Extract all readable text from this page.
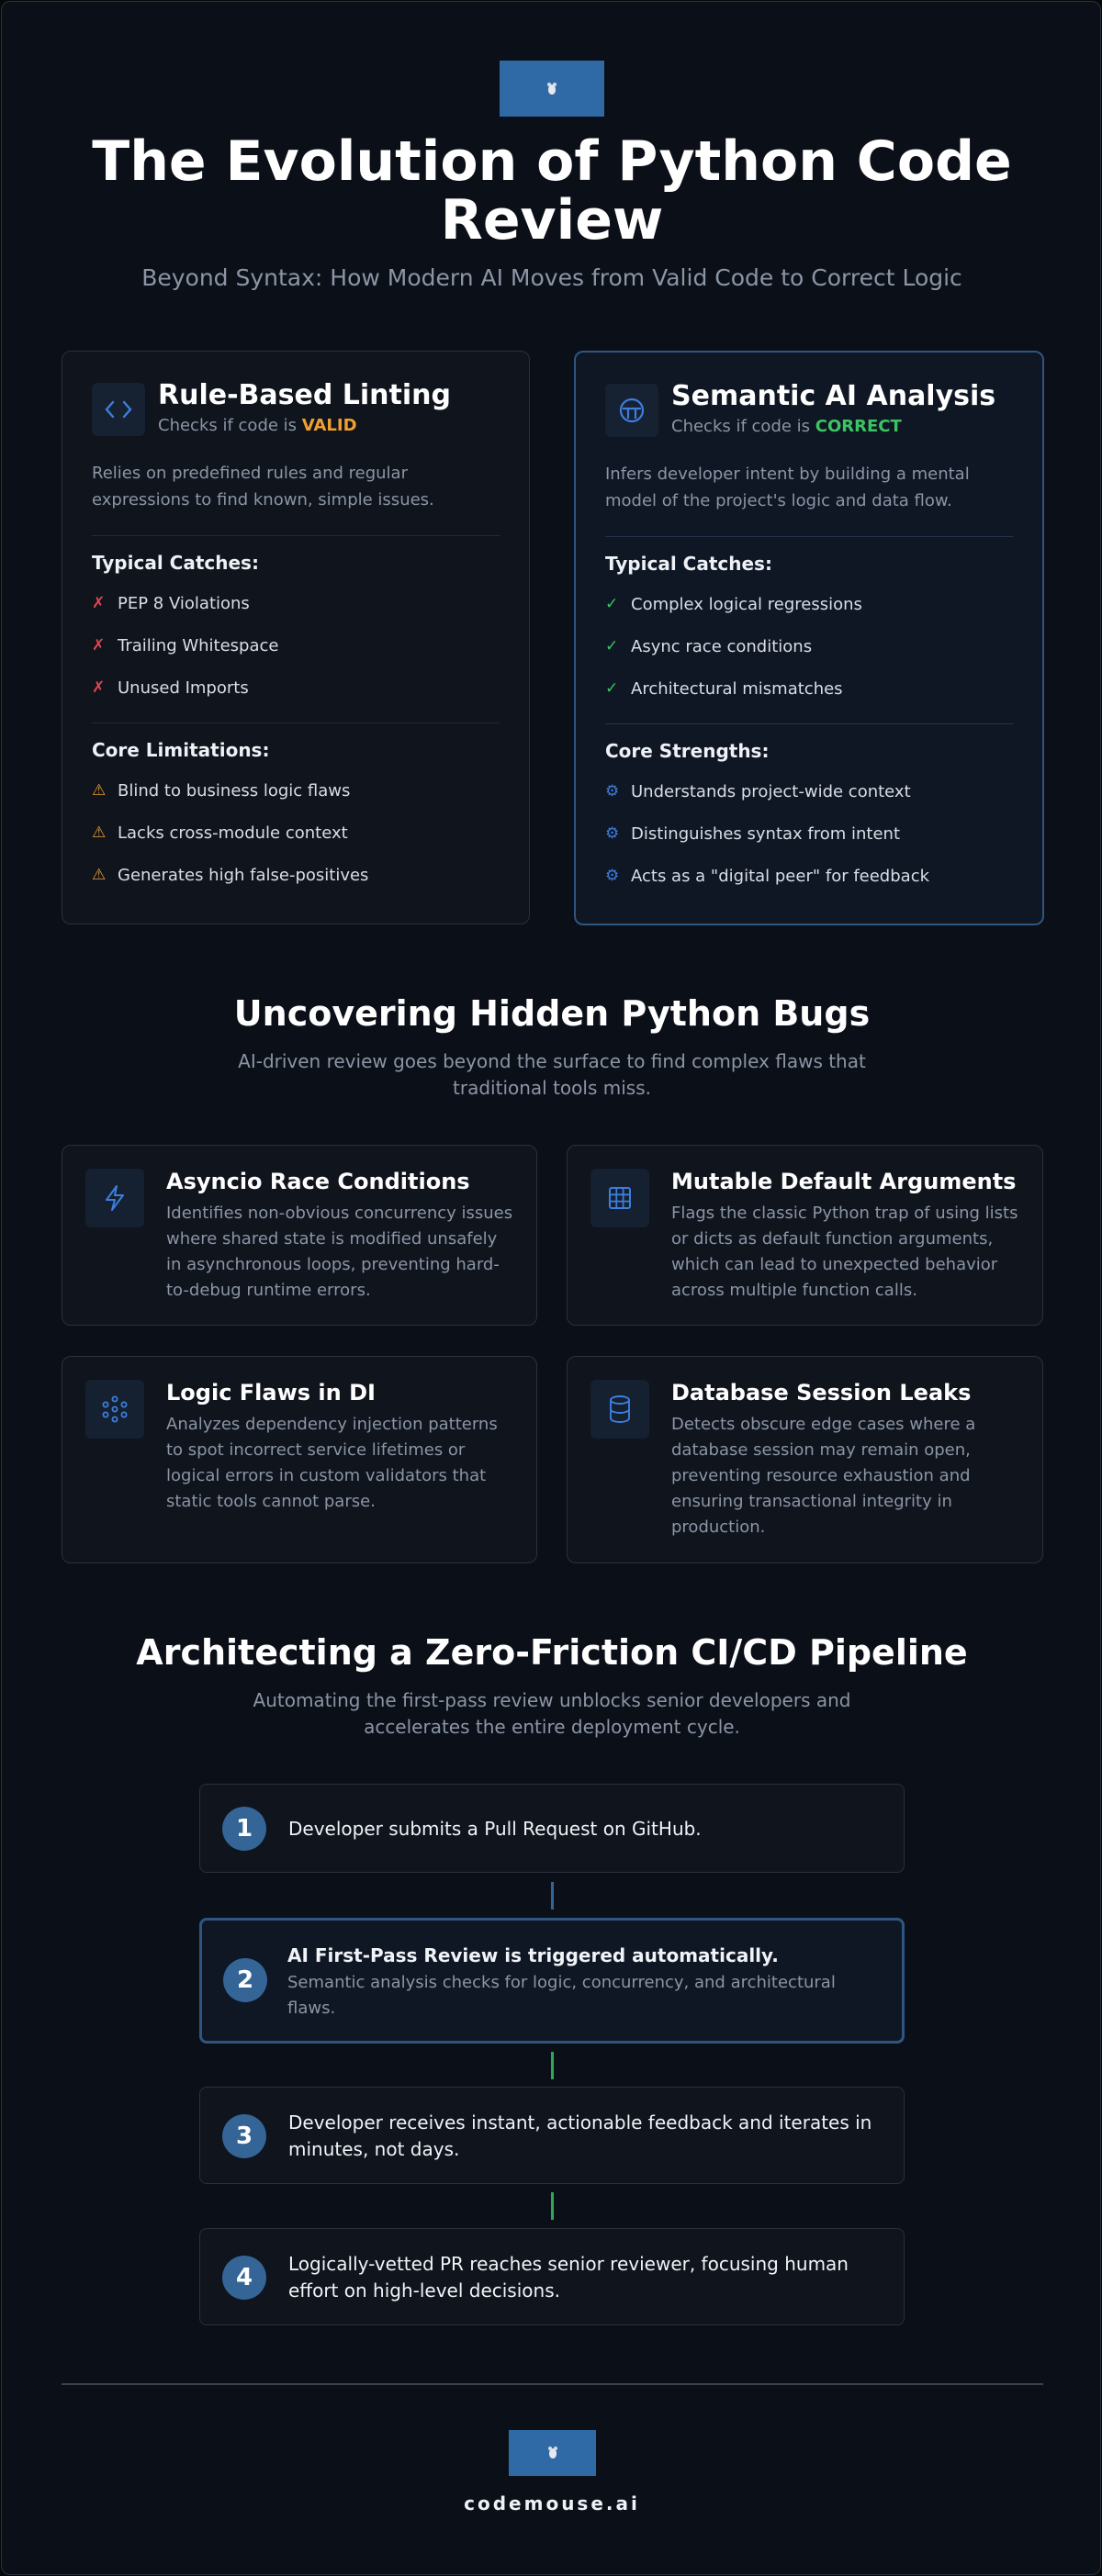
The Evolution of Python Code
Review
Beyond Syntax: How Modern AI Moves from Valid Code to Correct Logic
Rule-Based Linting
Checks if code is VALID
Relies on predefined rules and regular
expressions to find known, simple issues.
Typical Catches:
✗ PEP 8 Violations
✗ Trailing Whitespace
✗ Unused Imports
Core Limitations:
⚠ Blind to business logic flaws
⚠ Lacks cross-module context
⚠ Generates high false-positives
Semantic AI Analysis
Checks if code is CORRECT
Infers developer intent by building a mental
model of the project's logic and data flow.
Typical Catches:
✓ Complex logical regressions
✓ Async race conditions
✓ Architectural mismatches
Core Strengths:
⚙ Understands project-wide context
⚙ Distinguishes syntax from intent
⚙ Acts as a "digital peer" for feedback
Uncovering Hidden Python Bugs
AI-driven review goes beyond the surface to find complex flaws that
traditional tools miss.
Asyncio Race Conditions
Identifies non-obvious concurrency issues
where shared state is modified unsafely
in asynchronous loops, preventing hard-
to-debug runtime errors.
Mutable Default Arguments
Flags the classic Python trap of using lists
or dicts as default function arguments,
which can lead to unexpected behavior
across multiple function calls.
Logic Flaws in DI
Analyzes dependency injection patterns
to spot incorrect service lifetimes or
logical errors in custom validators that
static tools cannot parse.
Database Session Leaks
Detects obscure edge cases where a
database session may remain open,
preventing resource exhaustion and
ensuring transactional integrity in
production.
Architecting a Zero-Friction CI/CD Pipeline
Automating the first-pass review unblocks senior developers and
accelerates the entire deployment cycle.
1	Developer submits a Pull Request on GitHub.
2
AI First-Pass Review is triggered automatically.
Semantic analysis checks for logic, concurrency, and architectural
flaws.
3	Developer receives instant, actionable feedback and iterates in
minutes, not days.
4	Logically-vetted PR reaches senior reviewer, focusing human
effort on high-level decisions.
codemouse.ai
